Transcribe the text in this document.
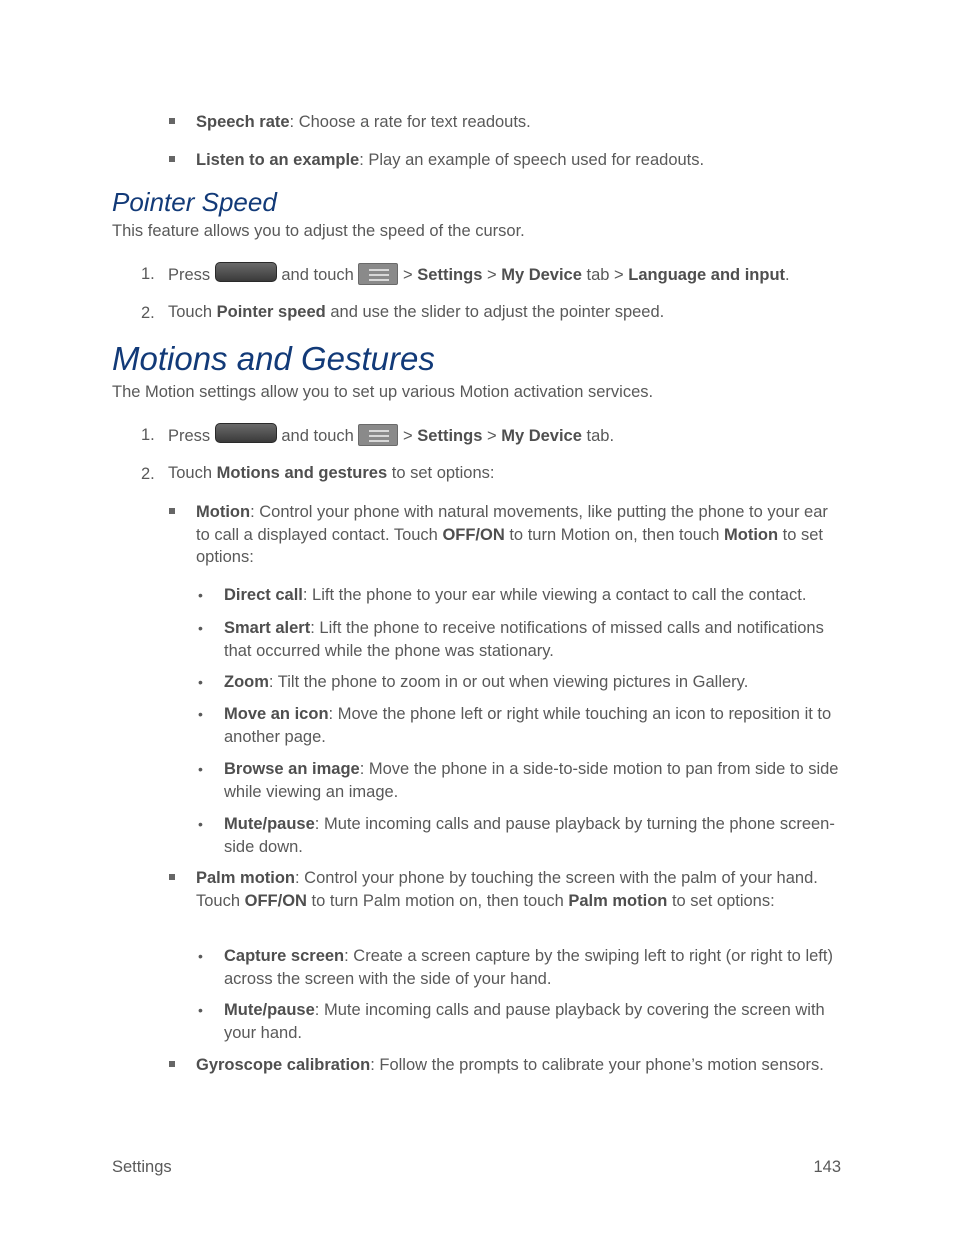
Speech rate: Choose a rate for text readouts.
Listen to an example: Play an example of speech used for readouts.
Pointer Speed
This feature allows you to adjust the speed of the cursor.
1. Press	and touch	> Settings > My Device tab > Language and input.
2. Touch Pointer speed and use the slider to adjust the pointer speed.
Motions and Gestures
The Motion settings allow you to set up various Motion activation services.
1. Press	and touch	> Settings > My Device tab.
2. Touch Motions and gestures to set options:
Motion: Control your phone with natural movements, like putting the phone to your ear to call a displayed contact. Touch OFF/ON to turn Motion on, then touch Motion to set options:
• Direct call: Lift the phone to your ear while viewing a contact to call the contact.
• Smart alert: Lift the phone to receive notifications of missed calls and notifications that occurred while the phone was stationary.
• Zoom: Tilt the phone to zoom in or out when viewing pictures in Gallery.
• Move an icon: Move the phone left or right while touching an icon to reposition it to another page.
• Browse an image: Move the phone in a side-to-side motion to pan from side to side while viewing an image.
• Mute/pause: Mute incoming calls and pause playback by turning the phone screen-side down.
Palm motion: Control your phone by touching the screen with the palm of your hand. Touch OFF/ON to turn Palm motion on, then touch Palm motion to set options:
• Capture screen: Create a screen capture by the swiping left to right (or right to left) across the screen with the side of your hand.
• Mute/pause: Mute incoming calls and pause playback by covering the screen with your hand.
Gyroscope calibration: Follow the prompts to calibrate your phone’s motion sensors.
Settings	143
